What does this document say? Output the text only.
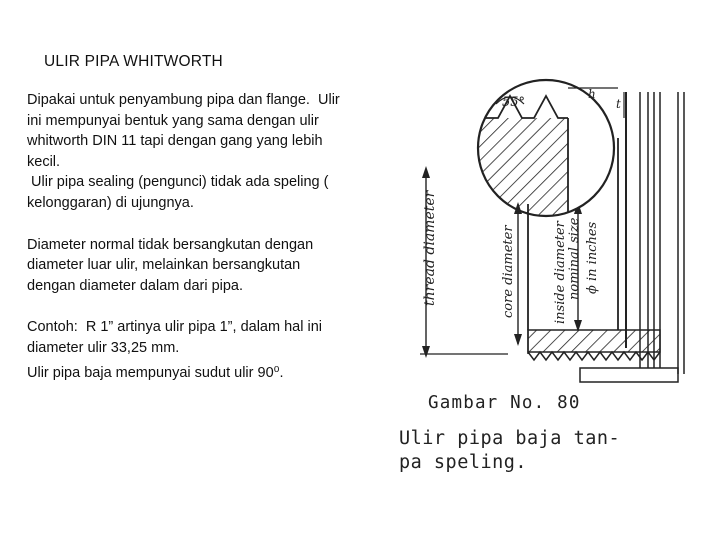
ULIR PIPA WHITWORTH

Dipakai untuk penyambung pipa dan flange.  Ulir ini mempunyai bentuk yang sama dengan ulir whitworth DIN 11 tapi dengan gang yang lebih kecil.

Ulir pipa sealing (pengunci) tidak ada speling ( kelonggaran) di ujungnya.

Diameter normal tidak bersangkutan dengan diameter luar ulir, melainkan bersangkutan dengan diameter dalam dari pipa.

Contoh:  R 1” artinya ulir pipa 1”, dalam hal ini diameter ulir 33,25 mm.

Ulir pipa baja mempunyai sudut ulir 90⁰.

thread diameter	core diameter	inside diameter nominal size ϕ in inches
55°
h
t
Gambar No. 80
Ulir pipa baja tan-
pa speling.
